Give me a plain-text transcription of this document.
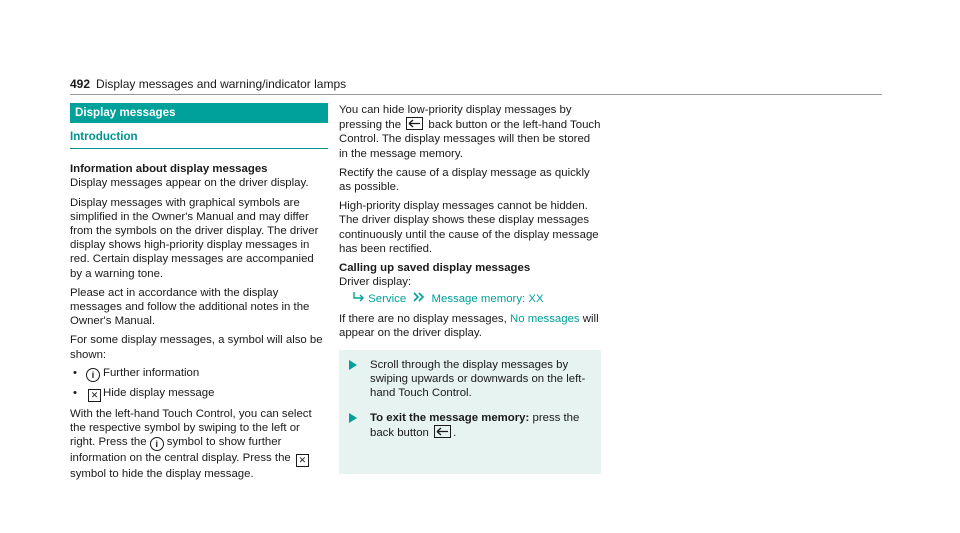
492 Display messages and warning/indicator lamps
Display messages
Introduction
Information about display messages

Display messages appear on the driver display.

Display messages with graphical symbols are simplified in the Owner's Manual and may differ from the symbols on the driver display. The driver display shows high-priority display messages in red. Certain display messages are accompanied by a warning tone.

Please act in accordance with the display messages and follow the additional notes in the Owner's Manual.

For some display messages, a symbol will also be shown:

• i Further information
• ✕ Hide display message

With the left-hand Touch Control, you can select the respective symbol by swiping to the left or right. Press the i symbol to show further information on the central display. Press the ✕ symbol to hide the display message.

You can hide low-priority display messages by pressing the back button or the left-hand Touch Control. The display messages will then be stored in the message memory.

Rectify the cause of a display message as quickly as possible.

High-priority display messages cannot be hidden. The driver display shows these display messages continuously until the cause of the display message has been rectified.

Calling up saved display messages

Driver display:

Service Message memory: XX

If there are no display messages, No messages will appear on the driver display.

Scroll through the display messages by swiping upwards or downwards on the left-hand Touch Control.
To exit the message memory: press the back button .
